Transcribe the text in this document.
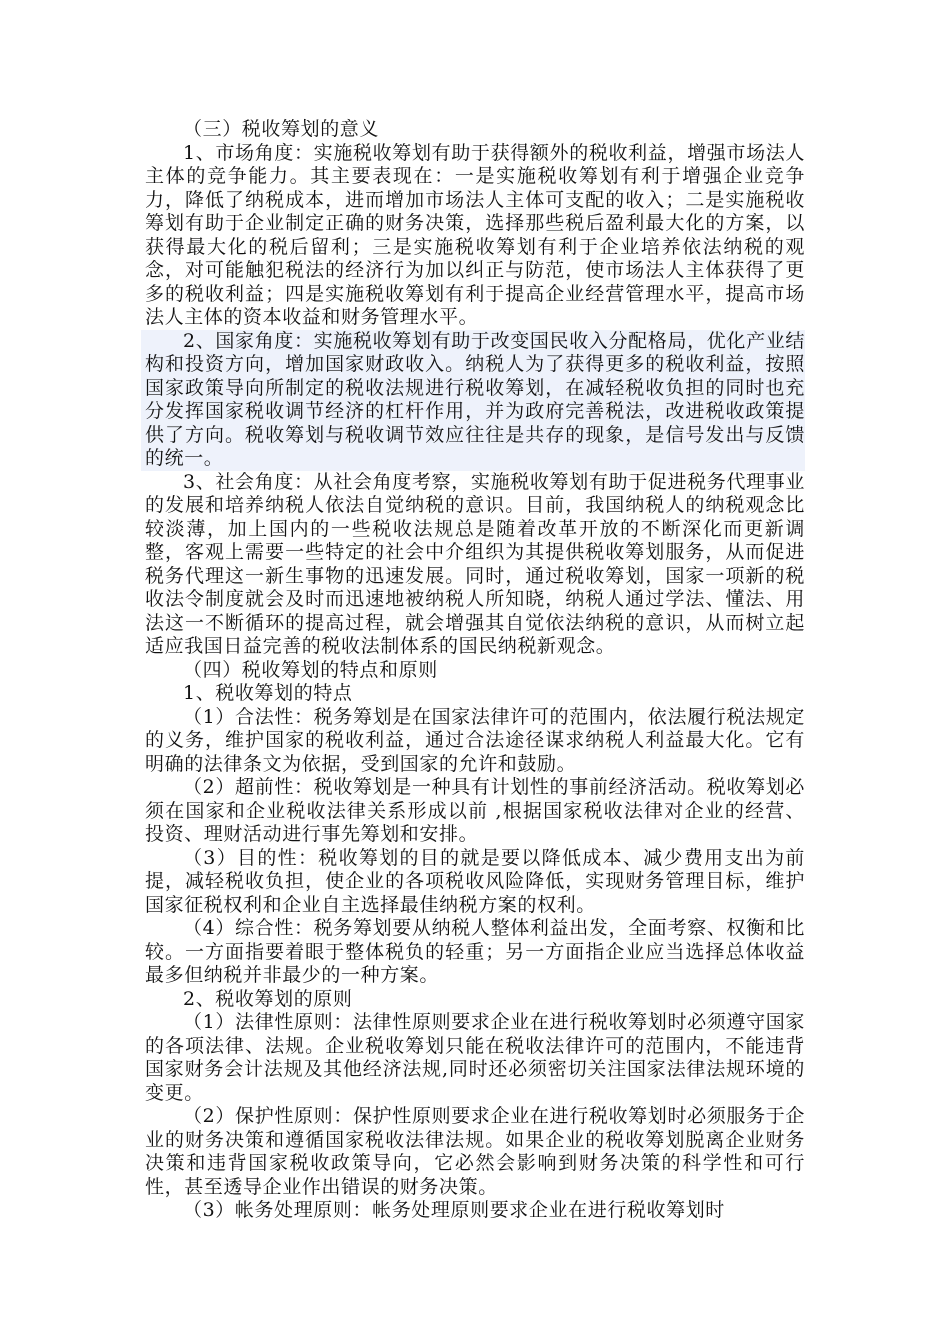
（三）税收筹划的意义

1、市场角度：实施税收筹划有助于获得额外的税收利益，增强市场法人主体的竞争能力。其主要表现在：一是实施税收筹划有利于增强企业竞争力，降低了纳税成本，进而增加市场法人主体可支配的收入；二是实施税收筹划有助于企业制定正确的财务决策，选择那些税后盈利最大化的方案，以获得最大化的税后留利；三是实施税收筹划有利于企业培养依法纳税的观念，对可能触犯税法的经济行为加以纠正与防范，使市场法人主体获得了更多的税收利益；四是实施税收筹划有利于提高企业经营管理水平，提高市场法人主体的资本收益和财务管理水平。

2、国家角度：实施税收筹划有助于改变国民收入分配格局，优化产业结构和投资方向，增加国家财政收入。纳税人为了获得更多的税收利益，按照国家政策导向所制定的税收法规进行税收筹划，在减轻税收负担的同时也充分发挥国家税收调节经济的杠杆作用，并为政府完善税法，改进税收政策提供了方向。税收筹划与税收调节效应往往是共存的现象，是信号发出与反馈的统一。

3、社会角度：从社会角度考察，实施税收筹划有助于促进税务代理事业的发展和培养纳税人依法自觉纳税的意识。目前，我国纳税人的纳税观念比较淡薄，加上国内的一些税收法规总是随着改革开放的不断深化而更新调整，客观上需要一些特定的社会中介组织为其提供税收筹划服务，从而促进税务代理这一新生事物的迅速发展。同时，通过税收筹划，国家一项新的税收法令制度就会及时而迅速地被纳税人所知晓，纳税人通过学法、懂法、用法这一不断循环的提高过程，就会增强其自觉依法纳税的意识，从而树立起适应我国日益完善的税收法制体系的国民纳税新观念。

（四）税收筹划的特点和原则

1、税收筹划的特点

（1）合法性：税务筹划是在国家法律许可的范围内，依法履行税法规定的义务，维护国家的税收利益，通过合法途径谋求纳税人利益最大化。它有明确的法律条文为依据，受到国家的允许和鼓励。

（2）超前性：税收筹划是一种具有计划性的事前经济活动。税收筹划必须在国家和企业税收法律关系形成以前 ,根据国家税收法律对企业的经营、投资、理财活动进行事先筹划和安排。

（3）目的性：税收筹划的目的就是要以降低成本、减少费用支出为前提，减轻税收负担，使企业的各项税收风险降低，实现财务管理目标，维护国家征税权利和企业自主选择最佳纳税方案的权利。

（4）综合性：税务筹划要从纳税人整体利益出发，全面考察、权衡和比较。一方面指要着眼于整体税负的轻重；另一方面指企业应当选择总体收益最多但纳税并非最少的一种方案。

2、税收筹划的原则

（1）法律性原则：法律性原则要求企业在进行税收筹划时必须遵守国家的各项法律、法规。企业税收筹划只能在税收法律许可的范围内，不能违背国家财务会计法规及其他经济法规,同时还必须密切关注国家法律法规环境的变更。

（2）保护性原则：保护性原则要求企业在进行税收筹划时必须服务于企业的财务决策和遵循国家税收法律法规。如果企业的税收筹划脱离企业财务决策和违背国家税收政策导向，它必然会影响到财务决策的科学性和可行性，甚至透导企业作出错误的财务决策。

（3）帐务处理原则：帐务处理原则要求企业在进行税收筹划时
